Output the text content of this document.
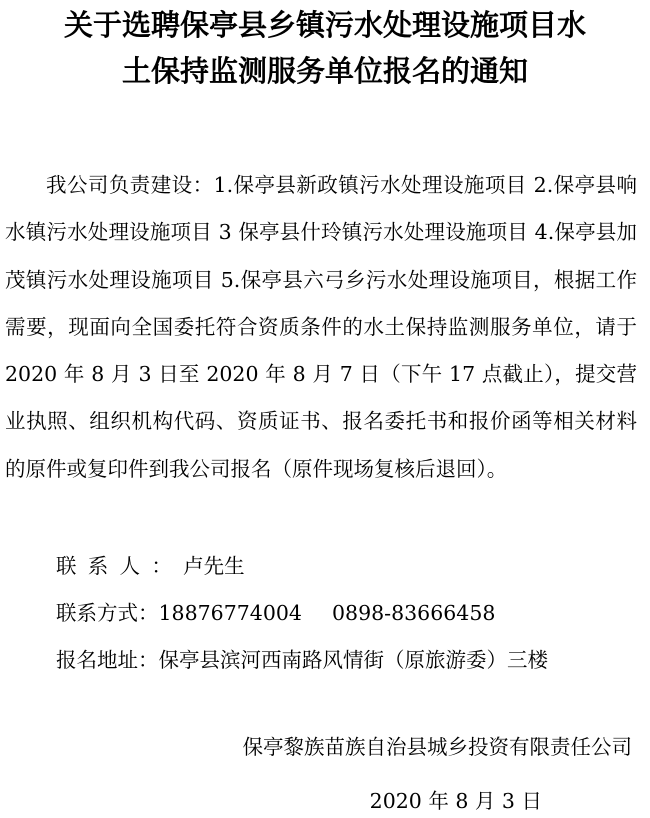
关于选聘保亭县乡镇污水处理设施项目水
土保持监测服务单位报名的通知
我公司负责建设：1.保亭县新政镇污水处理设施项目 2.保亭县响水镇污水处理设施项目 3 保亭县什玲镇污水处理设施项目 4.保亭县加茂镇污水处理设施项目 5.保亭县六弓乡污水处理设施项目，根据工作需要，现面向全国委托符合资质条件的水土保持监测服务单位，请于 2020 年 8 月 3 日至 2020 年 8 月 7 日（下午 17 点截止），提交营业执照、组织机构代码、资质证书、报名委托书和报价函等相关材料的原件或复印件到我公司报名（原件现场复核后退回）。
联系人：卢先生
联系方式：18876774004 0898-83666458
报名地址：保亭县滨河西南路风情街（原旅游委）三楼
保亭黎族苗族自治县城乡投资有限责任公司
2020 年 8 月 3 日
